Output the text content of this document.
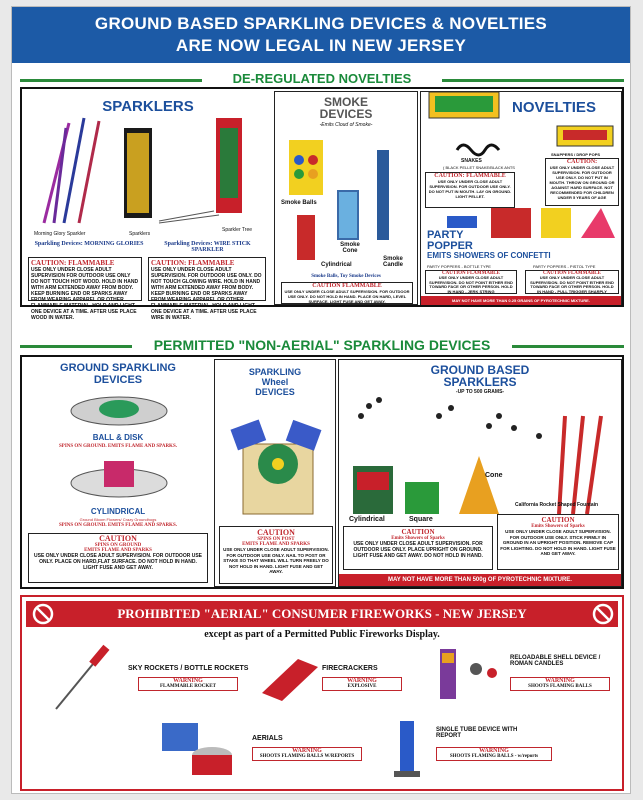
GROUND BASED SPARKLING DEVICES & NOVELTIES
ARE NOW LEGAL IN NEW JERSEY
DE-REGULATED NOVELTIES
SPARKLERS
Morning Glory Sparkler	Sparklers
Sparkler Tree
Sparkling Devices: MORNING GLORIES	Sparkling Devices: WIRE STICK SPARKLER
CAUTION: FLAMMABLE
USE ONLY UNDER CLOSE ADULT SUPERVISION FOR OUTDOOR USE ONLY DO NOT TOUCH HOT WOOD. HOLD IN HAND WITH ARM EXTENDED AWAY FROM BODY. KEEP BURNING END OR SPARKS AWAY FROM WEARING APPAREL OR OTHER FLAMMABLE MATERIAL. HOLD AND LIGHT ONE DEVICE AT A TIME. AFTER USE PLACE WOOD IN WATER.
CAUTION: FLAMMABLE
USE ONLY UNDER CLOSE ADULT SUPERVISION. FOR OUTDOOR USE ONLY. DO NOT TOUCH GLOWING WIRE. HOLD IN HAND WITH ARM EXTENDED AWAY FROM BODY. KEEP BURNING END OR SPARKS AWAY FROM WEARING APPAREL OR OTHER FLAMMABLE MATERIAL. HOLD AND LIGHT ONE DEVICE AT A TIME. AFTER USE PLACE WIRE IN WATER.
SMOKE
DEVICES
-Emits Cloud of Smoke-
Smoke Balls
Smoke Cone
Cylindrical
Smoke Candle
Smoke Balls, Toy Smoke Devices
CAUTION FLAMMABLE
USE ONLY UNDER CLOSE ADULT SUPERVISION. FOR OUTDOOR USE ONLY. DO NOT HOLD IN HAND. PLACE ON HARD, LEVEL SURFACE. LIGHT FUSE AND GET AWAY.
NOVELTIES
SNAKES
( BLACK PELLET SNAKE/BLACK ANTS
SNAPPERS / DROP POPS
CAUTION: FLAMMABLE
USE ONLY UNDER CLOSE ADULT SUPERVISION. FOR OUTDOOR USE ONLY. DO NOT PUT IN MOUTH. LAY ON GROUND. LIGHT PELLET.
CAUTION:
USE ONLY UNDER CLOSE ADULT SUPERVISION. FOR OUTDOOR USE ONLY. DO NOT PUT IN MOUTH. THROW ON GROUND OR AGAINST HARD SURFACE. NOT RECOMMENDED FOR CHILDREN UNDER 5 YEARS OF AGE
PARTY
POPPER
EMITS SHOWERS OF CONFETTI
PARTY POPPERS - BOTTLE TYPE	PARTY POPPERS - PISTOL TYPE
CAUTION FLAMMABLE
USE ONLY UNDER CLOSE ADULT SUPERVISION. DO NOT POINT EITHER END TOWARD FACE OR OTHER PERSON. HOLD IN HAND - JERK STRING
CAUTION FLAMMABLE
USE ONLY UNDER CLOSE ADULT SUPERVISION. DO NOT POINT EITHER END TOWARD FACE OR OTHER PERSON. HOLD IN HAND - PULL TRIGGER SHARPLY
MAY NOT HAVE MORE THAN 0.25 GRAINS OF PYROTECHNIC MIXTURE.
PERMITTED "NON-AERIAL" SPARKLING DEVICES
GROUND SPARKLING
DEVICES
BALL & DISK
SPINS ON GROUND. EMITS FLAME AND SPARKS.
CYLINDRICAL
Ground Bloom Flowers/ Crazy Groundhogs
SPINS ON GROUND. EMITS FLAME AND SPARKS.
CAUTION
SPINS ON GROUND
EMITS FLAME AND SPARKS
USE ONLY UNDER CLOSE ADULT SUPERVISION. FOR OUTDOOR USE ONLY. PLACE ON HARD,FLAT SURFACE. DO NOT HOLD IN HAND. LIGHT FUSE AND GET AWAY.
SPARKLING
Wheel
DEVICES
CAUTION
SPINS ON POST
EMITS FLAME AND SPARKS
USE ONLY UNDER CLOSE ADULT SUPERVISION. FOR OUTDOOR USE ONLY. NAIL TO POST OR STAKE SO THAT WHEEL WILL TURN FREELY DO NOT HOLD IN HAND. LIGHT FUSE AND GET AWAY.
GROUND BASED
SPARKLERS
-UP TO 500 GRAMS-
Cylindrical	Square
Cone
California Rocket Shaped Fountain
CAUTION
Emits Showers of Sparks
USE ONLY UNDER CLOSE ADULT SUPERVISION. FOR OUTDOOR USE ONLY. PLACE UPRIGHT ON GROUND. LIGHT FUSE AND GET AWAY. DO NOT HOLD IN HAND.
CAUTION
Emits Showers of Sparks
USE ONLY UNDER CLOSE ADULT SUPERVISION. FOR OUTDOOR USE ONLY. STICK FIRMLY IN GROUND IN AN UPRIGHT POSITION. REMOVE CAP FOR LIGHTING. DO NOT HOLD IN HAND. LIGHT FUSE AND GET AWAY.
MAY NOT HAVE MORE THAN 500g OF PYROTECHNIC MIXTURE.
PROHIBITED "AERIAL" CONSUMER FIREWORKS - NEW JERSEY
except as part of a Permitted Public Fireworks Display.
SKY ROCKETS / BOTTLE ROCKETS
WARNING
FLAMMABLE ROCKET
FIRECRACKERS
WARNING
EXPLOSIVE
RELOADABLE SHELL DEVICE / ROMAN CANDLES
WARNING
SHOOTS FLAMING BALLS
AERIALS
WARNING
SHOOTS FLAMING BALLS W/REPORTS
SINGLE TUBE DEVICE WITH REPORT
WARNING
SHOOTS FLAMING BALLS - w/reports
